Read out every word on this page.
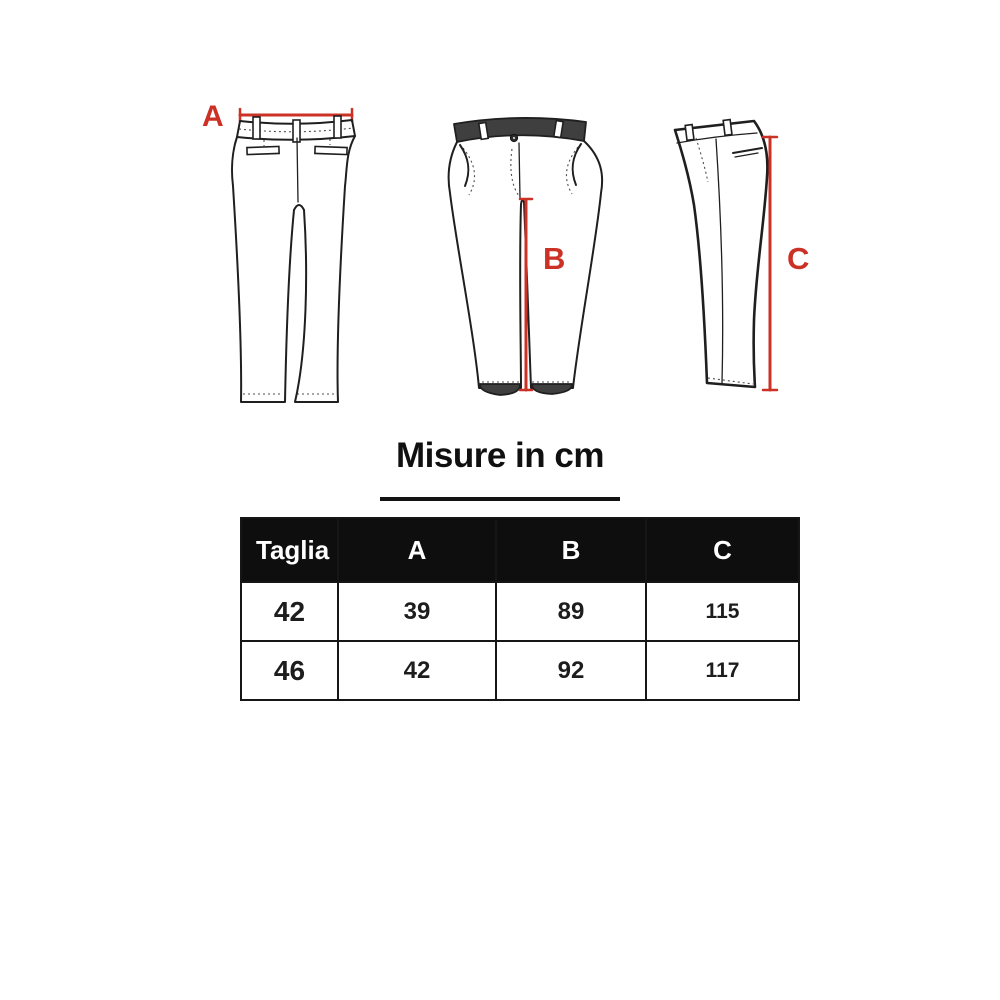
A
B	C
Misure in cm
Taglia	A	B	C
42	39	89	115
46	42	92	117
